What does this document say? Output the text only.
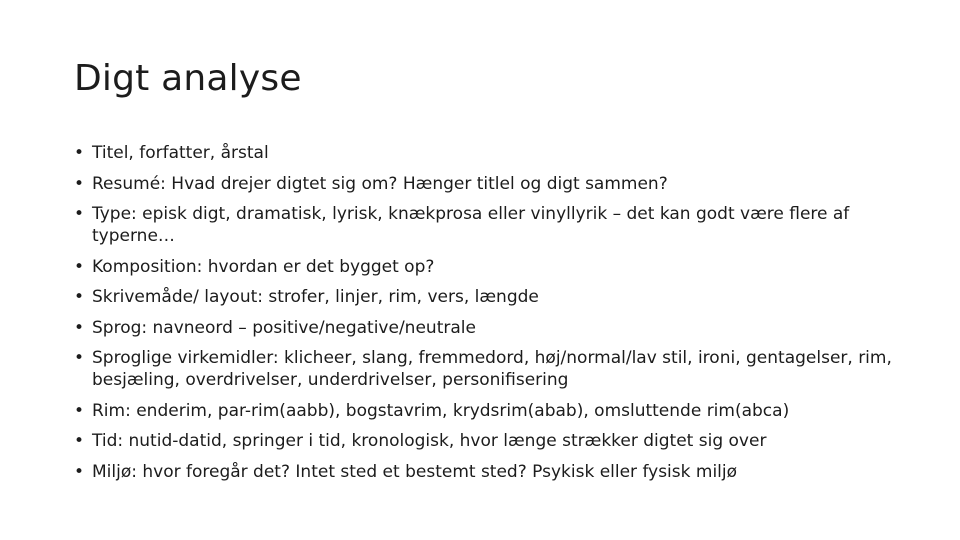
Digt analyse
• Titel, forfatter, årstal
• Resumé: Hvad drejer digtet sig om? Hænger titlel og digt sammen?
• Type: episk digt, dramatisk, lyrisk, knækprosa eller vinyllyrik – det kan godt være flere af typerne…
• Komposition: hvordan er det bygget op?
• Skrivemåde/ layout: strofer, linjer, rim, vers, længde
• Sprog: navneord – positive/negative/neutrale
• Sproglige virkemidler: klicheer, slang, fremmedord, høj/normal/lav stil, ironi, gentagelser, rim, besjæling, overdrivelser, underdrivelser, personifisering
• Rim: enderim, par-rim(aabb), bogstavrim, krydsrim(abab), omsluttende rim(abca)
• Tid: nutid-datid, springer i tid, kronologisk, hvor længe strækker digtet sig over
• Miljø: hvor foregår det? Intet sted et bestemt sted? Psykisk eller fysisk miljø
